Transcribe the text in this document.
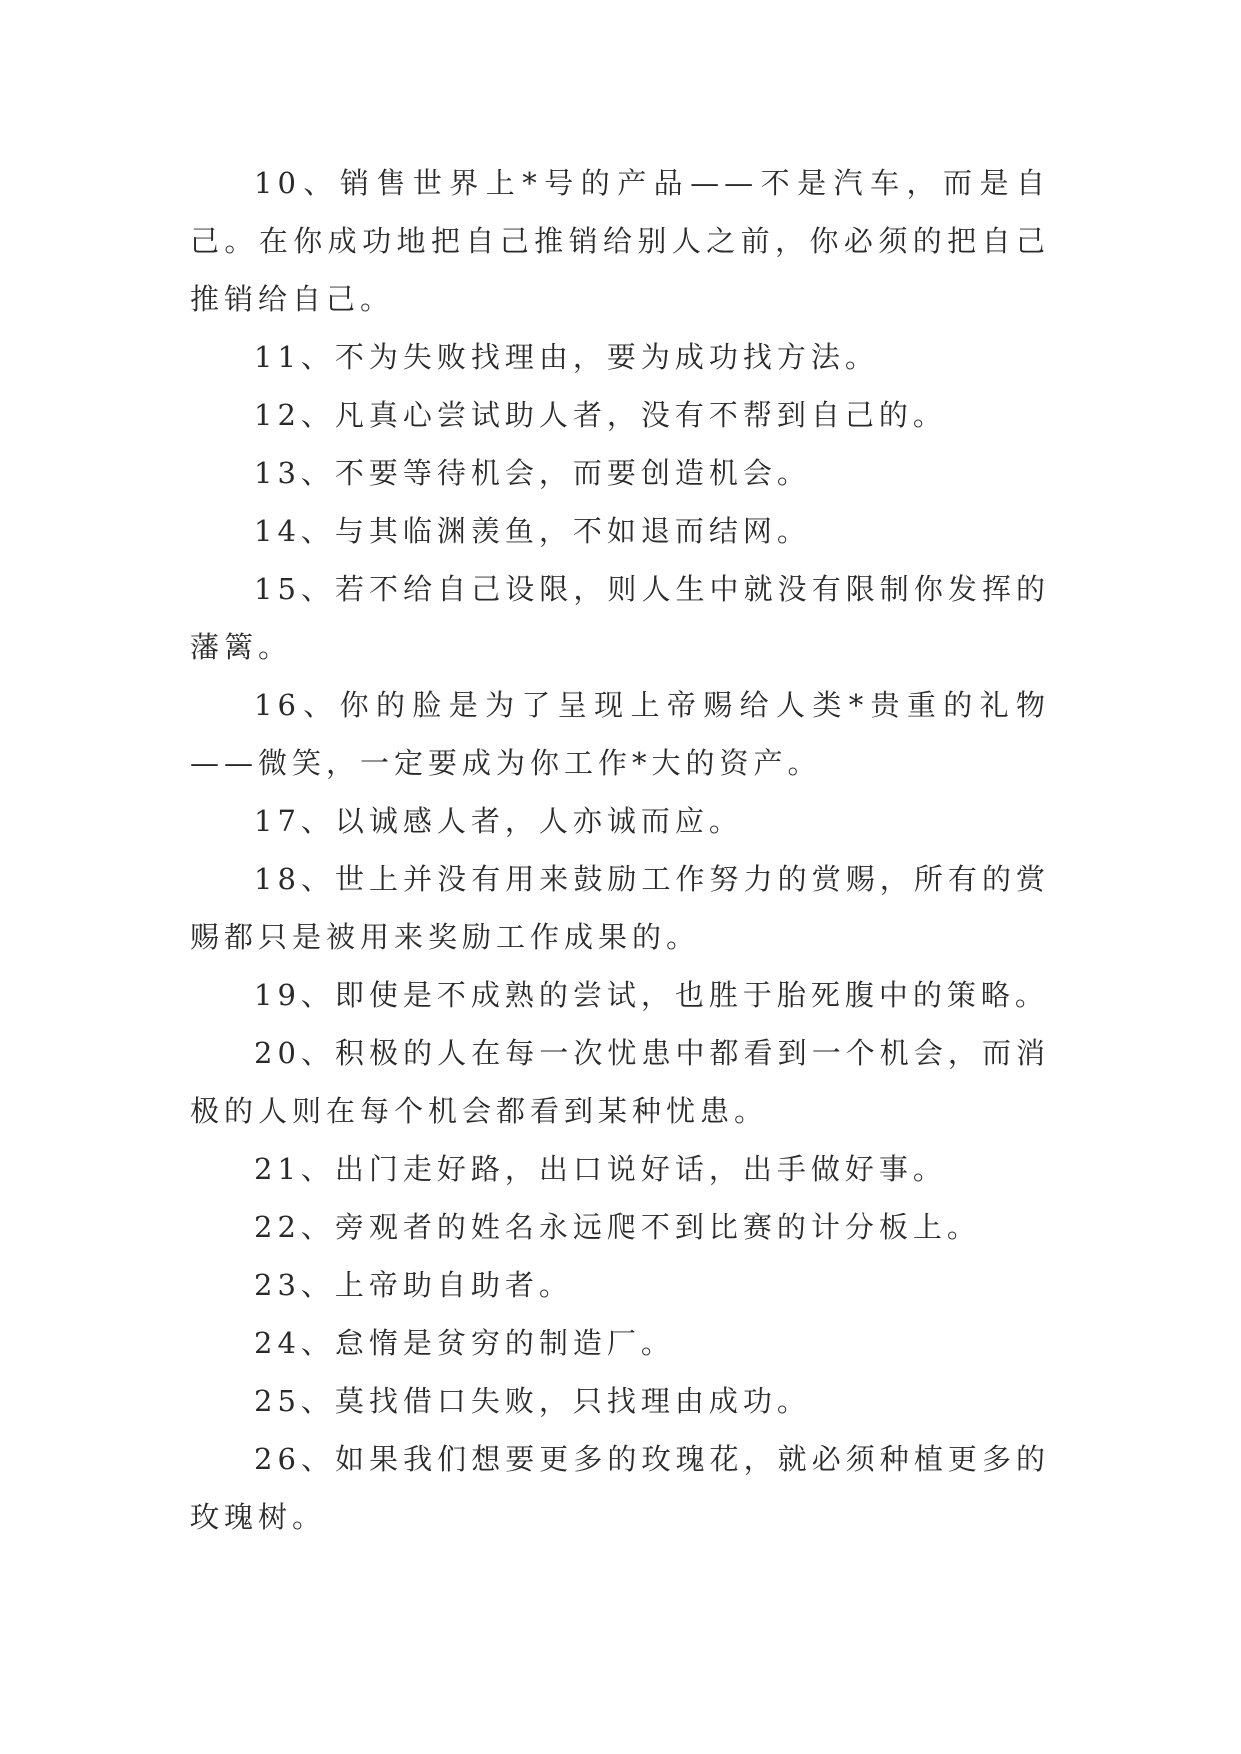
10、销售世界上*号的产品——不是汽车，而是自己。在你成功地把自己推销给别人之前，你必须的把自己推销给自己。

11、不为失败找理由，要为成功找方法。

12、凡真心尝试助人者，没有不帮到自己的。

13、不要等待机会，而要创造机会。

14、与其临渊羡鱼，不如退而结网。

15、若不给自己设限，则人生中就没有限制你发挥的藩篱。

16、你的脸是为了呈现上帝赐给人类*贵重的礼物——微笑，一定要成为你工作*大的资产。

17、以诚感人者，人亦诚而应。

18、世上并没有用来鼓励工作努力的赏赐，所有的赏赐都只是被用来奖励工作成果的。

19、即使是不成熟的尝试，也胜于胎死腹中的策略。

20、积极的人在每一次忧患中都看到一个机会，而消极的人则在每个机会都看到某种忧患。

21、出门走好路，出口说好话，出手做好事。

22、旁观者的姓名永远爬不到比赛的计分板上。

23、上帝助自助者。

24、怠惰是贫穷的制造厂。

25、莫找借口失败，只找理由成功。

26、如果我们想要更多的玫瑰花，就必须种植更多的玫瑰树。
